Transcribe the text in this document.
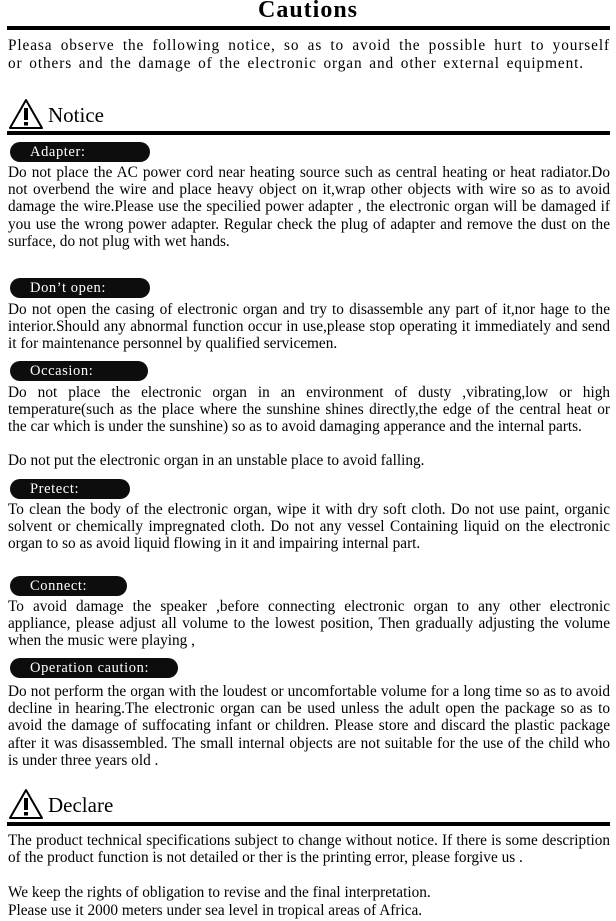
Cautions

Pleasa observe the following notice, so as to avoid the possible hurt to yourself or others and the damage of the electronic organ and other external equipment.

Notice
Adapter:

Do not place the AC power cord near heating source such as central heating or heat radiator.Do not overbend the wire and place heavy object on it,wrap other objects with wire so as to avoid damage the wire.Please use the specilied power adapter , the electronic organ will be damaged if you use the wrong power adapter. Regular check the plug of adapter and remove the dust on the surface, do not plug with wet hands.

Don’t open:

Do not open the casing of electronic organ and try to disassemble any part of it,nor hage to the interior.Should any abnormal function occur in use,please stop operating it immediately and send it for maintenance personnel by qualified servicemen.

Occasion:

Do not place the electronic organ in an environment of dusty ,vibrating,low or high temperature(such as the place where the sunshine shines directly,the edge of the central heat or the car which is under the sunshine) so as to avoid damaging apperance and the internal parts.

Do not put the electronic organ in an unstable place to avoid falling.

Pretect:

To clean the body of the electronic organ, wipe it with dry soft cloth. Do not use paint, organic solvent or chemically impregnated cloth. Do not any vessel Containing liquid on the electronic organ to so as avoid liquid flowing in it and impairing internal part.

Connect:

To avoid damage the speaker ,before connecting electronic organ to any other electronic appliance, please adjust all volume to the lowest position, Then gradually adjusting the volume when the music were playing ,

Operation caution:

Do not perform the organ with the loudest or uncomfortable volume for a long time so as to avoid decline in hearing.The electronic organ can be used unless the adult open the package so as to avoid the damage of suffocating infant or children. Please store and discard the plastic package after it was disassembled. The small internal objects are not suitable for the use of the child who is under three years old .

Declare

The product technical specifications subject to change without notice. If there is some description of the product function is not detailed or ther is the printing error, please forgive us .

We keep the rights of obligation to revise and the final interpretation.

Please use it 2000 meters under sea level in tropical areas of Africa.
